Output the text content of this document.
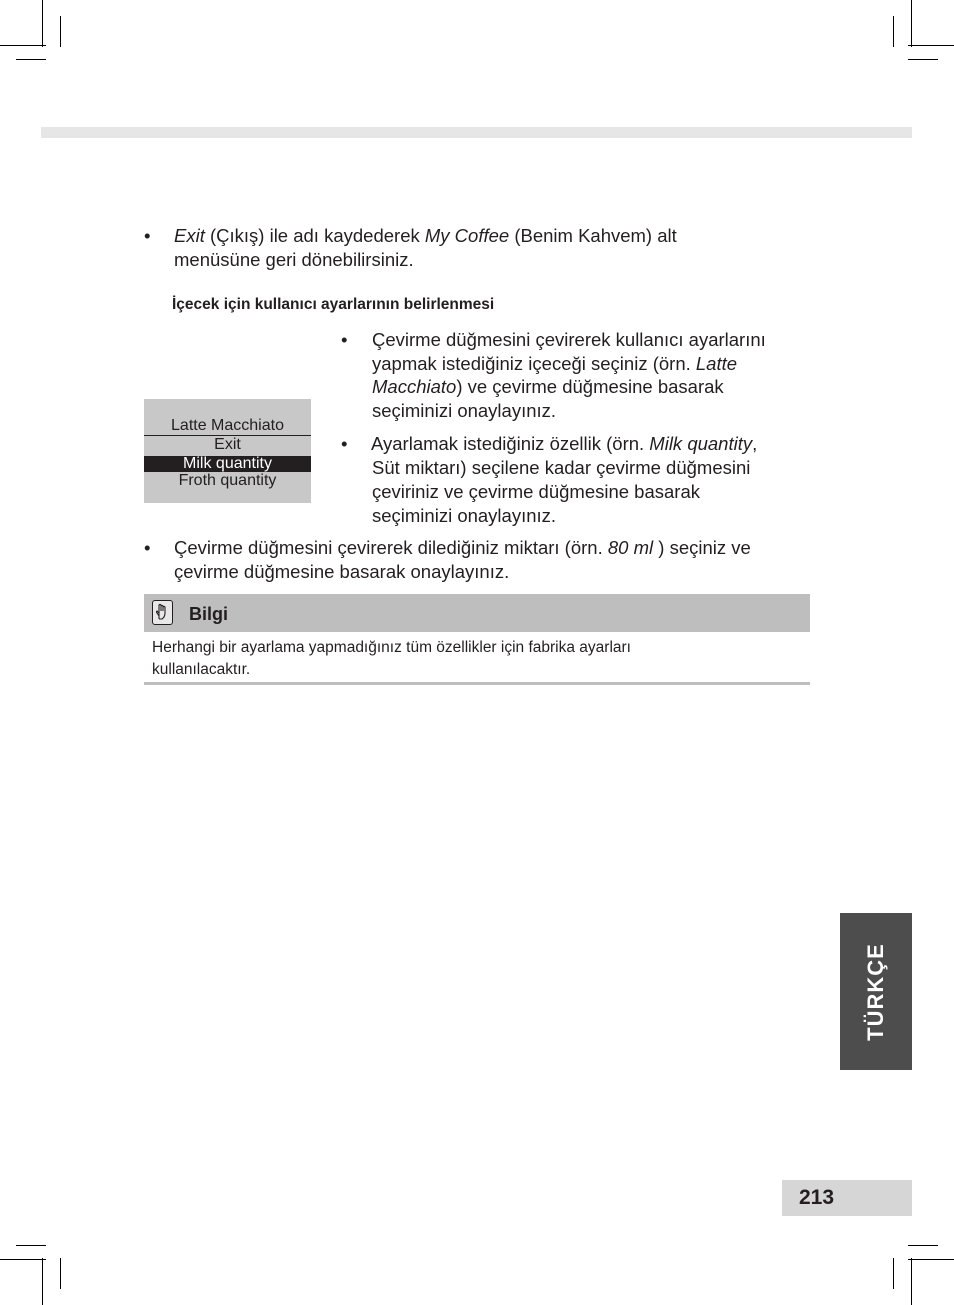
• Exit (Çıkış) ile adı kaydederek My Coffee (Benim Kahvem) alt
menüsüne geri dönebilirsiniz.
İçecek için kullanıcı ayarlarının belirlenmesi
Latte Macchiato
Exit
Milk quantity
Froth quantity
• Çevirme düğmesini çevirerek kullanıcı ayarlarını
yapmak istediğiniz içeceği seçiniz (örn. Latte
Macchiato) ve çevirme düğmesine basarak
seçiminizi onaylayınız.
• Ayarlamak istediğiniz özellik (örn. Milk quantity,
Süt miktarı) seçilene kadar çevirme düğmesini
çeviriniz ve çevirme düğmesine basarak
seçiminizi onaylayınız.
• Çevirme düğmesini çevirerek dilediğiniz miktarı (örn. 80 ml ) seçiniz ve
çevirme düğmesine basarak onaylayınız.
Bilgi
Herhangi bir ayarlama yapmadığınız tüm özellikler için fabrika ayarları
kullanılacaktır.
TÜRKÇE
213
